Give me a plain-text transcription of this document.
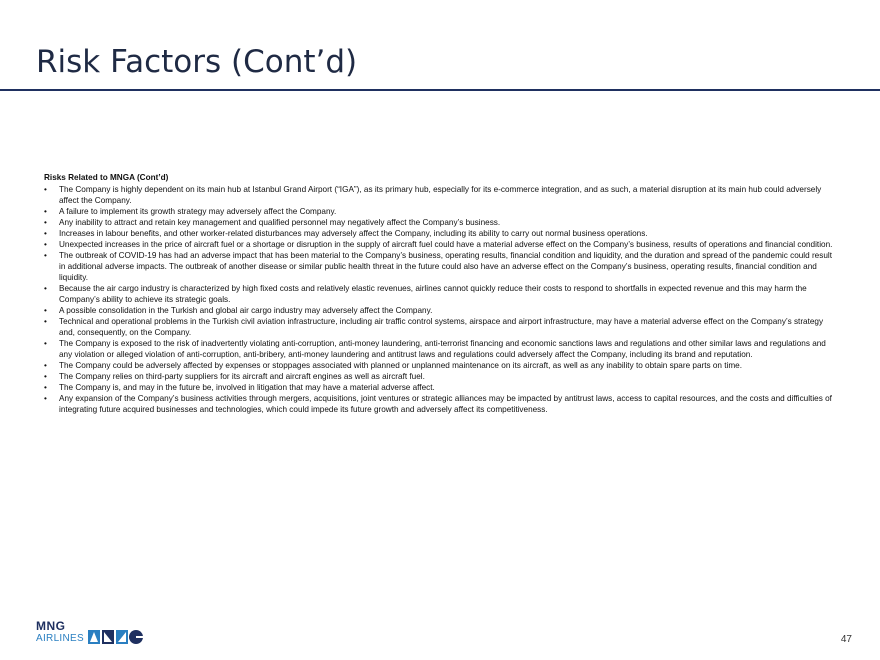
Risk Factors (Cont’d)
Risks Related to MNGA (Cont’d)
• The Company is highly dependent on its main hub at Istanbul Grand Airport (“IGA”), as its primary hub, especially for its e-commerce integration, and as such, a material disruption at its main hub could adversely affect the Company.
• A failure to implement its growth strategy may adversely affect the Company.
• Any inability to attract and retain key management and qualified personnel may negatively affect the Company’s business.
• Increases in labour benefits, and other worker-related disturbances may adversely affect the Company, including its ability to carry out normal business operations.
• Unexpected increases in the price of aircraft fuel or a shortage or disruption in the supply of aircraft fuel could have a material adverse effect on the Company’s business, results of operations and financial condition.
• The outbreak of COVID-19 has had an adverse impact that has been material to the Company’s business, operating results, financial condition and liquidity, and the duration and spread of the pandemic could result in additional adverse impacts. The outbreak of another disease or similar public health threat in the future could also have an adverse effect on the Company’s business, operating results, financial condition and liquidity.
• Because the air cargo industry is characterized by high fixed costs and relatively elastic revenues, airlines cannot quickly reduce their costs to respond to shortfalls in expected revenue and this may harm the Company’s ability to achieve its strategic goals.
• A possible consolidation in the Turkish and global air cargo industry may adversely affect the Company.
• Technical and operational problems in the Turkish civil aviation infrastructure, including air traffic control systems, airspace and airport infrastructure, may have a material adverse effect on the Company’s strategy and, consequently, on the Company.
• The Company is exposed to the risk of inadvertently violating anti-corruption, anti-money laundering, anti-terrorist financing and economic sanctions laws and regulations and other similar laws and regulations and any violation or alleged violation of anti-corruption, anti-bribery, anti-money laundering and antitrust laws and regulations could adversely affect the Company, including its brand and reputation.
• The Company could be adversely affected by expenses or stoppages associated with planned or unplanned maintenance on its aircraft, as well as any inability to obtain spare parts on time.
• The Company relies on third-party suppliers for its aircraft and aircraft engines as well as aircraft fuel.
• The Company is, and may in the future be, involved in litigation that may have a material adverse affect.
• Any expansion of the Company’s business activities through mergers, acquisitions, joint ventures or strategic alliances may be impacted by antitrust laws, access to capital resources, and the costs and difficulties of integrating future acquired businesses and technologies, which could impede its future growth and adversely affect its competitiveness.
MNG
AIRLINES	47
